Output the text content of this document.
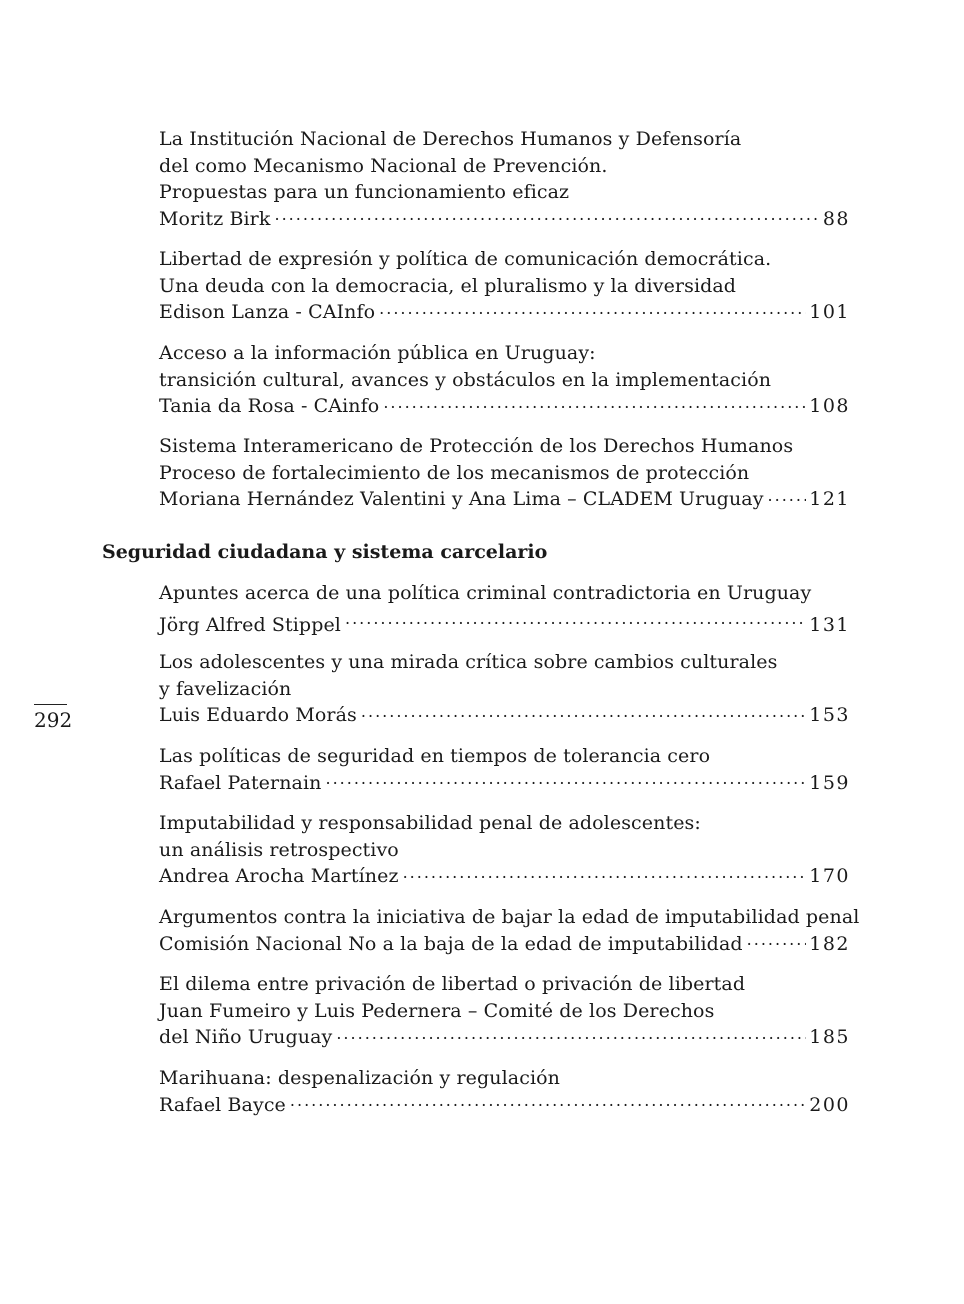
La Institución Nacional de Derechos Humanos y Defensoría
del como Mecanismo Nacional de Prevención.
Propuestas para un funcionamiento eficaz
Moritz Birk .....	88
Libertad de expresión y política de comunicación democrática.
Una deuda con la democracia, el pluralismo y la diversidad
Edison Lanza - CAInfo .....	101
Acceso a la información pública en Uruguay:
transición cultural, avances y obstáculos en la implementación
Tania da Rosa - CAinfo .....	108
Sistema Interamericano de Protección de los Derechos Humanos
Proceso de fortalecimiento de los mecanismos de protección
Moriana Hernández Valentini y Ana Lima – CLADEM Uruguay ..... 121
Seguridad ciudadana y sistema carcelario
Apuntes acerca de una política criminal contradictoria en Uruguay
Jörg Alfred Stippel .....	131
Los adolescentes y una mirada crítica sobre cambios culturales
y favelización
Luis Eduardo Morás .....	153
Las políticas de seguridad en tiempos de tolerancia cero
Rafael Paternain .....	159
Imputabilidad y responsabilidad penal de adolescentes:
un análisis retrospectivo
Andrea Arocha Martínez .....	170
Argumentos contra la iniciativa de bajar la edad de imputabilidad penal
Comisión Nacional No a la baja de la edad de imputabilidad .....	182
El dilema entre privación de libertad o privación de libertad
Juan Fumeiro y Luis Pedernera – Comité de los Derechos
del Niño Uruguay .....	185
Marihuana: despenalización y regulación
Rafael Bayce .....	200
292
